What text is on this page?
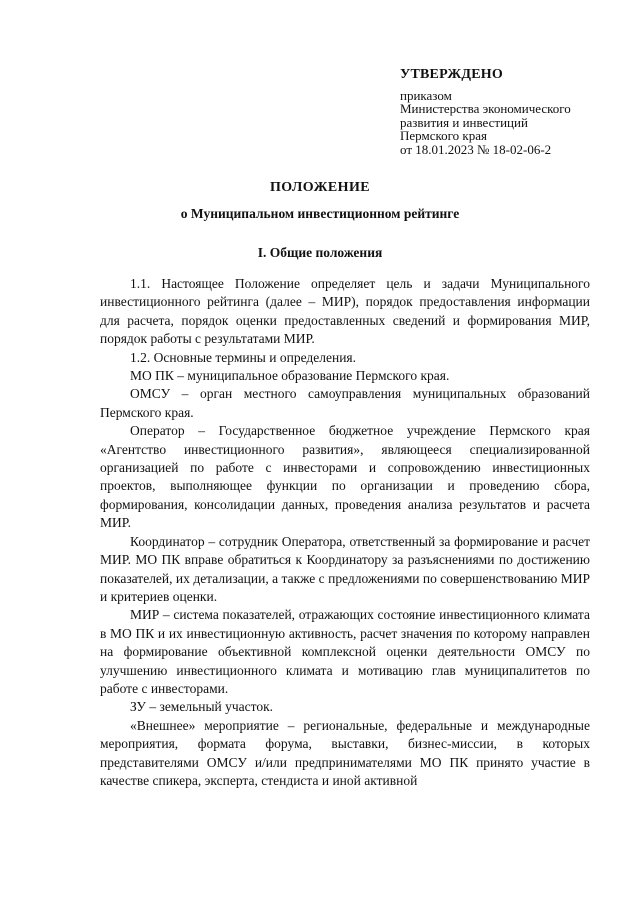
УТВЕРЖДЕНО
приказом
Министерства экономического
развития и инвестиций
Пермского края
от 18.01.2023 № 18-02-06-2
ПОЛОЖЕНИЕ
о Муниципальном инвестиционном рейтинге
I. Общие положения

1.1. Настоящее Положение определяет цель и задачи Муниципального инвестиционного рейтинга (далее – МИР), порядок предоставления информации для расчета, порядок оценки предоставленных сведений и формирования МИР, порядок работы с результатами МИР.

1.2. Основные термины и определения.

МО ПК – муниципальное образование Пермского края.

ОМСУ – орган местного самоуправления муниципальных образований Пермского края.

Оператор – Государственное бюджетное учреждение Пермского края «Агентство инвестиционного развития», являющееся специализированной организацией по работе с инвесторами и сопровождению инвестиционных проектов, выполняющее функции по организации и проведению сбора, формирования, консолидации данных, проведения анализа результатов и расчета МИР.

Координатор – сотрудник Оператора, ответственный за формирование и расчет МИР. МО ПК вправе обратиться к Координатору за разъяснениями по достижению показателей, их детализации, а также с предложениями по совершенствованию МИР и критериев оценки.

МИР – система показателей, отражающих состояние инвестиционного климата в МО ПК и их инвестиционную активность, расчет значения по которому направлен на формирование объективной комплексной оценки деятельности ОМСУ по улучшению инвестиционного климата и мотивацию глав муниципалитетов по работе с инвесторами.

ЗУ – земельный участок.

«Внешнее» мероприятие – региональные, федеральные и международные мероприятия, формата форума, выставки, бизнес-миссии, в которых представителями ОМСУ и/или предпринимателями МО ПК принято участие в качестве спикера, эксперта, стендиста и иной активной
